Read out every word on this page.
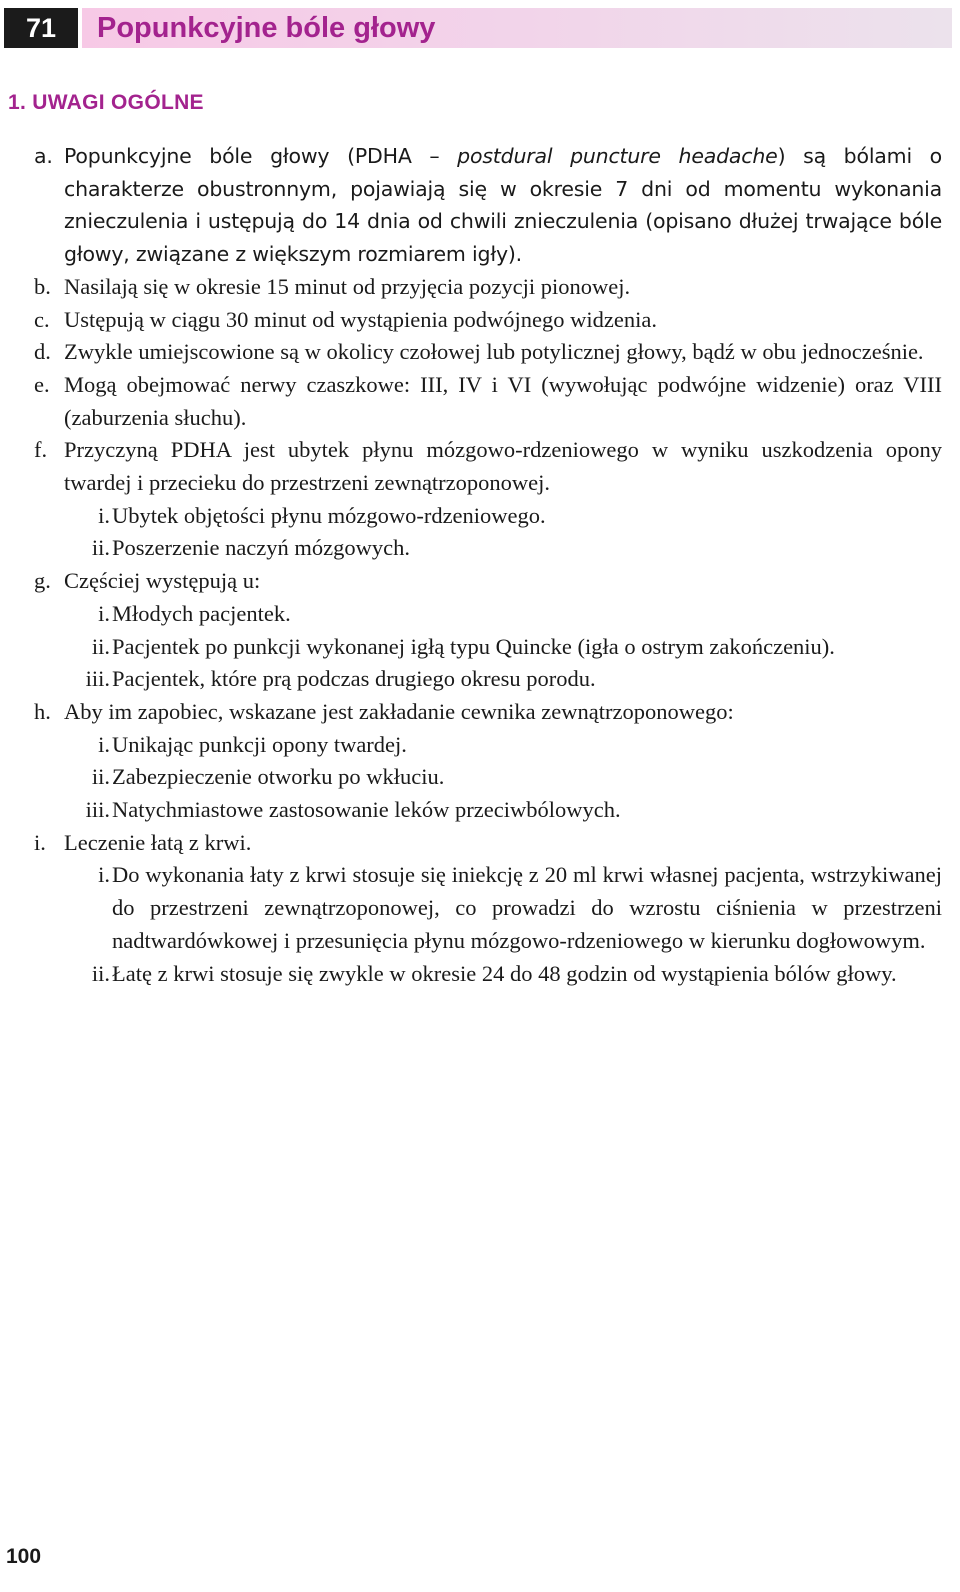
71	Popunkcyjne bóle głowy
1. UWAGI OGÓLNE
a. Popunkcyjne bóle głowy (PDHA – postdural puncture headache) są bólami o charakterze obustronnym, pojawiają się w okresie 7 dni od momentu wykonania znieczulenia i ustępują do 14 dnia od chwili znieczulenia (opisano dłużej trwające bóle głowy, związane z większym rozmiarem igły).
b. Nasilają się w okresie 15 minut od przyjęcia pozycji pionowej.
c. Ustępują w ciągu 30 minut od wystąpienia podwójnego widzenia.
d. Zwykle umiejscowione są w okolicy czołowej lub potylicznej głowy, bądź w obu jednocześnie.
e. Mogą obejmować nerwy czaszkowe: III, IV i VI (wywołując podwójne widzenie) oraz VIII (zaburzenia słuchu).
f. Przyczyną PDHA jest ubytek płynu mózgowo-rdzeniowego w wyniku uszkodzenia opony twardej i przecieku do przestrzeni zewnątrzoponowej.
i. Ubytek objętości płynu mózgowo-rdzeniowego.
ii. Poszerzenie naczyń mózgowych.
g. Częściej występują u:
i. Młodych pacjentek.
ii. Pacjentek po punkcji wykonanej igłą typu Quincke (igła o ostrym zakończeniu).
iii. Pacjentek, które prą podczas drugiego okresu porodu.
h. Aby im zapobiec, wskazane jest zakładanie cewnika zewnątrzoponowego:
i. Unikając punkcji opony twardej.
ii. Zabezpieczenie otworku po wkłuciu.
iii. Natychmiastowe zastosowanie leków przeciwbólowych.
i. Leczenie łatą z krwi.
i. Do wykonania łaty z krwi stosuje się iniekcję z 20 ml krwi własnej pacjenta, wstrzykiwanej do przestrzeni zewnątrzoponowej, co prowadzi do wzrostu ciśnienia w przestrzeni nadtwardówkowej i przesunięcia płynu mózgowo-rdzeniowego w kierunku dogłowowym.
ii. Łatę z krwi stosuje się zwykle w okresie 24 do 48 godzin od wystąpienia bólów głowy.
100
